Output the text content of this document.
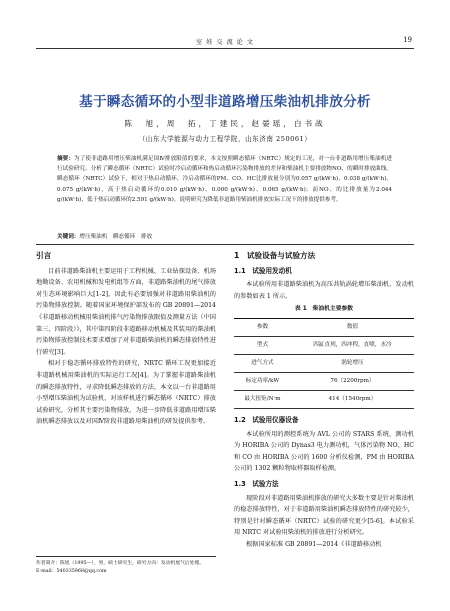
室 娃 交 流 论 文	19
基于瞬态循环的小型非道路增压柴油机排放分析
陈　旭，周　拓，丁建民，赵晏瑶，白书战
（山东大学能源与动力工程学院，山东济南 250061）
摘要：为了使非道路用增压柴油机满足国Ⅳ排放限值的要求，本文按照瞬态循环（NRTC）规定的工况，对一台非道路用增压柴油机进行试验研究。分析了瞬态循环（NRTC）试验时冷启动循环和热启动循环污染物排放的差异和柴油机主要排放物NO、的瞬时排放曲线。瞬态循环（NRTC）试验下，相对于热启动循环，冷启动循环的PM、CO、HC比排放量分别为0.057 g/(kW·h)、0.038 g/(kW·h)、0.075 g/(kW·h)，高于热启动循环的0.010 g/(kW·h)、0.000 g/(kW·h)、0.065 g/(kW·h)；而NO、的比排放量为2.044 g/(kW·h)，低于热启动循环的2.591 g/(kW·h)。说明研究为降低非道路用柴油机排放实际工况下的排放提供参考。
关键词：增压柴油机　瞬态循环　排放
引言

目前非道路柴油机主要运用于工程机械、工业钻探设备、机场地勤设备、农用机械和发电机组等方面，非道路柴油机的尾气排放对生态环境影响巨大[1-2]，因此有必要加强对非道路用柴油机的污染物排放控制。随着国家环境保护部发布的 GB 20891—2014《非道路移动机械用柴油机排气污染物排放限值及测量方法（中国第三、四阶段）》，其中第四阶段非道路移动机械及其装用的柴油机污染物排放控制技术要求增加了对非道路柴油机的瞬态排放特性进行研究[3]。

相对于稳态循环排放特性的研究，NRTC 循环工况更加接近非道路机械用柴油机的实际运行工况[4]。为了掌握非道路柴油机的瞬态排放特性，寻求降低瞬态排放的方法，本文以一台非道路用小型增压柴油机为试验机，对该样机进行瞬态循环（NRTC）排放试验研究，分析其主要污染物排放，为进一步降低非道路用增压柴油机瞬态排放以及对国Ⅳ阶段非道路用柴油机的研发提供参考。

作者简介：陈旭（1995—），男，硕士研究生，研究方向：发动机尾气后处理。
E-mail：540335968@qq.com
1　试验设备与试验方法
1.1　试验用发动机

本试验所用非道路柴油机为高压共轨涡轮增压柴油机，发动机的参数如表 1 所示。

表 1　柴油机主要参数
参数	数值
型式	四缸直列，四冲程，直喷，水冷
进气方式	涡轮增压
标定功率/kW	76（2200rpm）
最大扭矩/N·m	414（1540rpm）
1.2　试验用仪器设备

本试验所用的测控系统为 AVL 公司的 STARS 系统，测功机为 HORIBA 公司的 Dynas3 电力测功机，气体污染物 NO、HC 和 CO 由 HORIBA 公司的 1600 分析仪检测，PM 由 HORIBA 公司的 1302 颗粒物取样器取样检测。

1.3　试验方法

现阶段对非道路用柴油机排放的研究大多数主要是针对柴油机的稳态排放特性，对于非道路用柴油机瞬态排放特性的研究较少，特别是针对瞬态循环（NRTC）试验的研究更少[5-6]。本试验采用 NRTC 对试验用柴油机的排放进行分析研究。

根据国家标准 GB 20891—2014《非道路移动机
